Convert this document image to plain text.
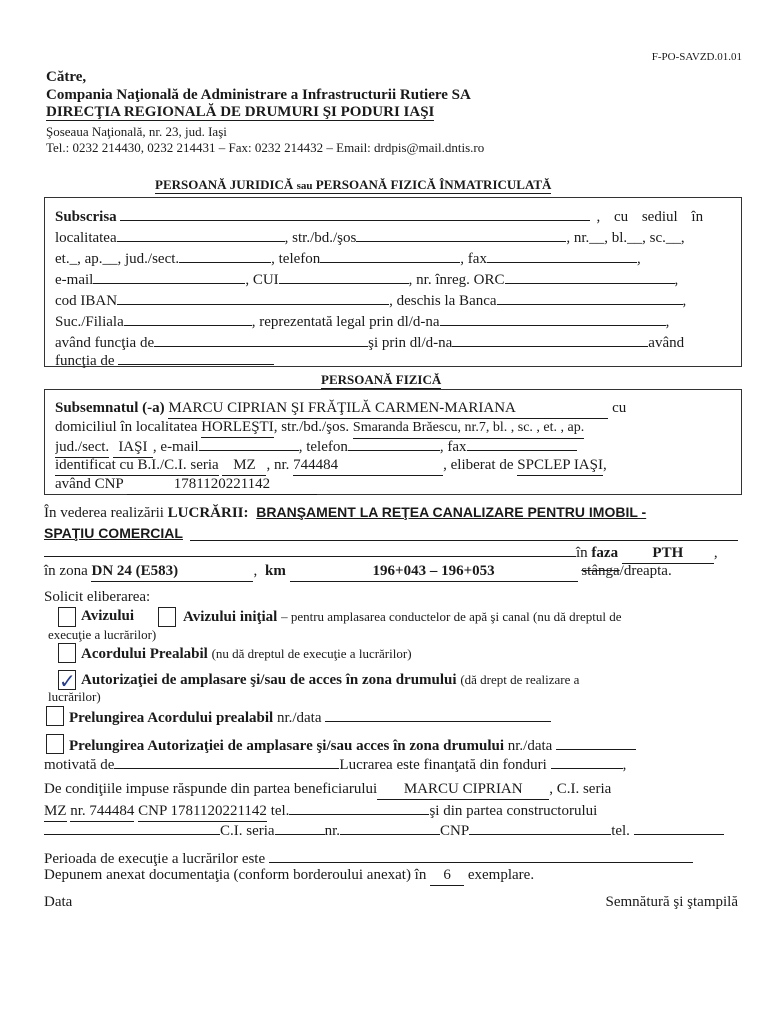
F-PO-SAVZD.01.01
Către,
Compania Naţională de Administrare a Infrastructurii Rutiere SA
DIRECŢIA REGIONALĂ DE DRUMURI ŞI PODURI IAŞI
Şoseaua Naţională, nr. 23, jud. Iaşi
Tel.: 0232 214430, 0232 214431 – Fax: 0232 214432 – Email: drdpis@mail.dntis.ro
PERSOANĂ JURIDICĂ sau PERSOANĂ FIZICĂ ÎNMATRICULATĂ
Subscrisa	, cu sediul în
localitatea	, str./bd./şos	, nr.__, bl.__, sc.__,
et._, ap.__, jud./sect.	, telefon	, fax	,
e-mail	, CUI	, nr. înreg. ORC	,
cod IBAN	, deschis la Banca	,
Suc./Filiala	, reprezentată legal prin dl/d-na	,
având funcţia de	şi prin dl/d-na	având
funcţia de
PERSOANĂ FIZICĂ
Subsemnatul (-a) MARCU CIPRIAN ŞI FRĂŢILĂ CARMEN-MARIANA	cu
domiciliul în localitatea HORLEŞTI, str./bd./şos. Smaranda Brăescu, nr.7, bl. , sc. , et. , ap.
jud./sect. IAŞI , e-mail	, telefon	, fax
identificat cu B.I./C.I. seria MZ , nr. 744484	, eliberat de SPCLEP IAŞI,
având CNP	1781120221142
În vederea realizării LUCRĂRII: BRANŞAMENT LA REŢEA CANALIZARE PENTRU IMOBIL -
SPAŢIU COMERCIAL
în faza PTH ,
în zona DN 24 (E583)	, km	196+043 – 196+053	stânga/dreapta.
Solicit eliberarea:
Avizului	Avizului iniţial – pentru amplasarea conductelor de apă şi canal (nu dă dreptul de
execuţie a lucrărilor)
Acordului Prealabil (nu dă dreptul de execuţie a lucrărilor)
✓ Autorizaţiei de amplasare şi/sau de acces în zona drumului (dă drept de realizare a
lucrărilor)
Prelungirea Acordului prealabil nr./data
Prelungirea Autorizaţiei de amplasare şi/sau acces în zona drumului nr./data
motivată de	Lucrarea este finanţată din fonduri	,
De condiţiile impuse răspunde din partea beneficiarului MARCU CIPRIAN , C.I. seria
MZ nr. 744484 CNP 1781120221142 tel.	şi din partea constructorului
C.I. seria	nr.	CNP	tel.
Perioada de execuţie a lucrărilor este
Depunem anexat documentaţia (conform borderoului anexat) în 6 exemplare.
Data	Semnătură şi ştampilă
